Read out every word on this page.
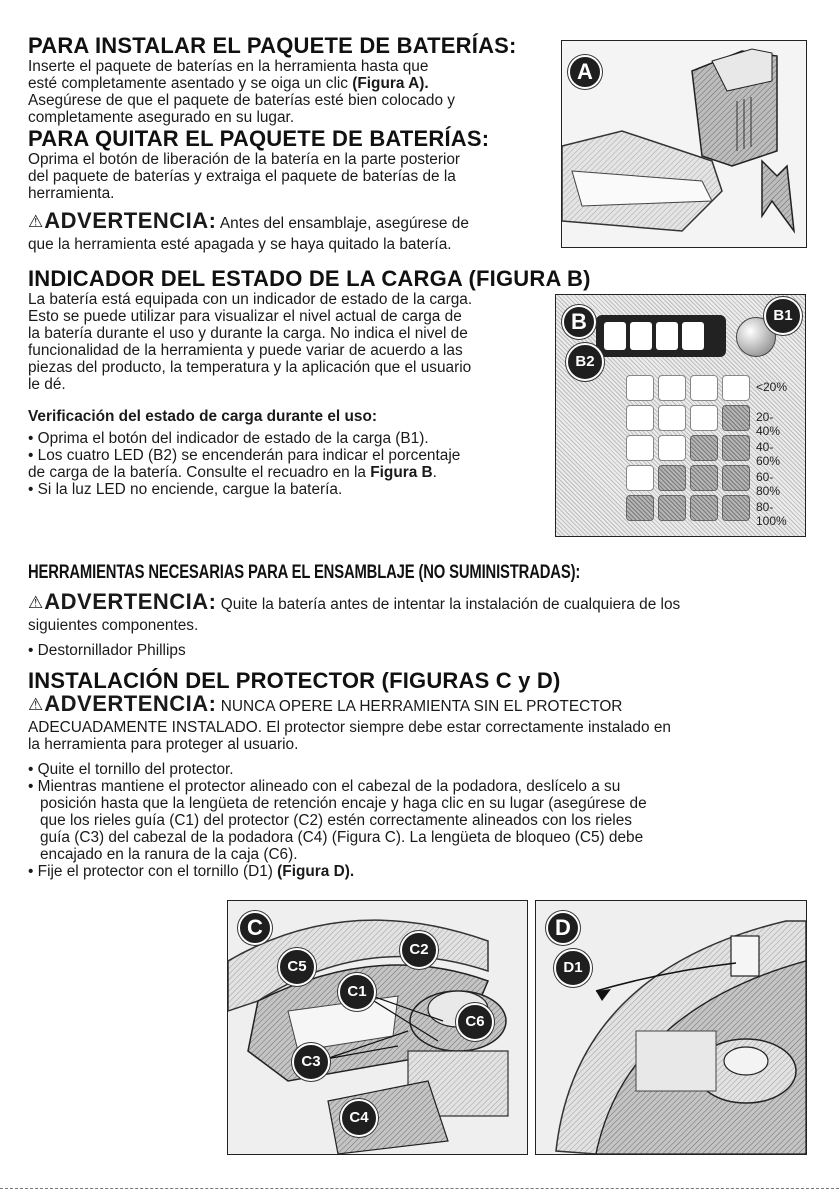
PARA INSTALAR EL PAQUETE DE BATERÍAS:
Inserte el paquete de baterías en la herramienta hasta que
esté completamente asentado y se oiga un clic (Figura A).
Asegúrese de que el paquete de baterías esté bien colocado y
completamente asegurado en su lugar.
PARA QUITAR EL PAQUETE DE BATERÍAS:
Oprima el botón de liberación de la batería en la parte posterior
del paquete de baterías y extraiga el paquete de baterías de la
herramienta.
⚠ADVERTENCIA: Antes del ensamblaje, asegúrese de
que la herramienta esté apagada y se haya quitado la batería.
A
INDICADOR DEL ESTADO DE LA CARGA (FIGURA B)
La batería está equipada con un indicador de estado de la carga.
Esto se puede utilizar para visualizar el nivel actual de carga de
la batería durante el uso y durante la carga. No indica el nivel de
funcionalidad de la herramienta y puede variar de acuerdo a las
piezas del producto, la temperatura y la aplicación que el usuario
le dé.
Verificación del estado de carga durante el uso:
• Oprima el botón del indicador de estado de la carga (B1).
• Los cuatro LED (B2) se encenderán para indicar el porcentaje
de carga de la batería. Consulte el recuadro en la Figura B.
• Si la luz LED no enciende, cargue la batería.
B	B1
B2
<20%
20-40%
40-60%
60-80%
80-100%
HERRAMIENTAS NECESARIAS PARA EL ENSAMBLAJE (NO SUMINISTRADAS):
⚠ADVERTENCIA: Quite la batería antes de intentar la instalación de cualquiera de los
siguientes componentes.
• Destornillador Phillips
INSTALACIÓN DEL PROTECTOR (FIGURAS C y D)
⚠ADVERTENCIA: NUNCA OPERE LA HERRAMIENTA SIN EL PROTECTOR
ADECUADAMENTE INSTALADO. El protector siempre debe estar correctamente instalado en
la herramienta para proteger al usuario.
• Quite el tornillo del protector.
• Mientras mantiene el protector alineado con el cabezal de la podadora, deslícelo a su
posición hasta que la lengüeta de retención encaje y haga clic en su lugar (asegúrese de
que los rieles guía (C1) del protector (C2) estén correctamente alineados con los rieles
guía (C3) del cabezal de la podadora (C4) (Figura C). La lengüeta de bloqueo (C5) debe
encajado en la ranura de la caja (C6).
• Fije el protector con el tornillo (D1) (Figura D).
C
C5
C2
C1
C6
C3
C4
D
D1
